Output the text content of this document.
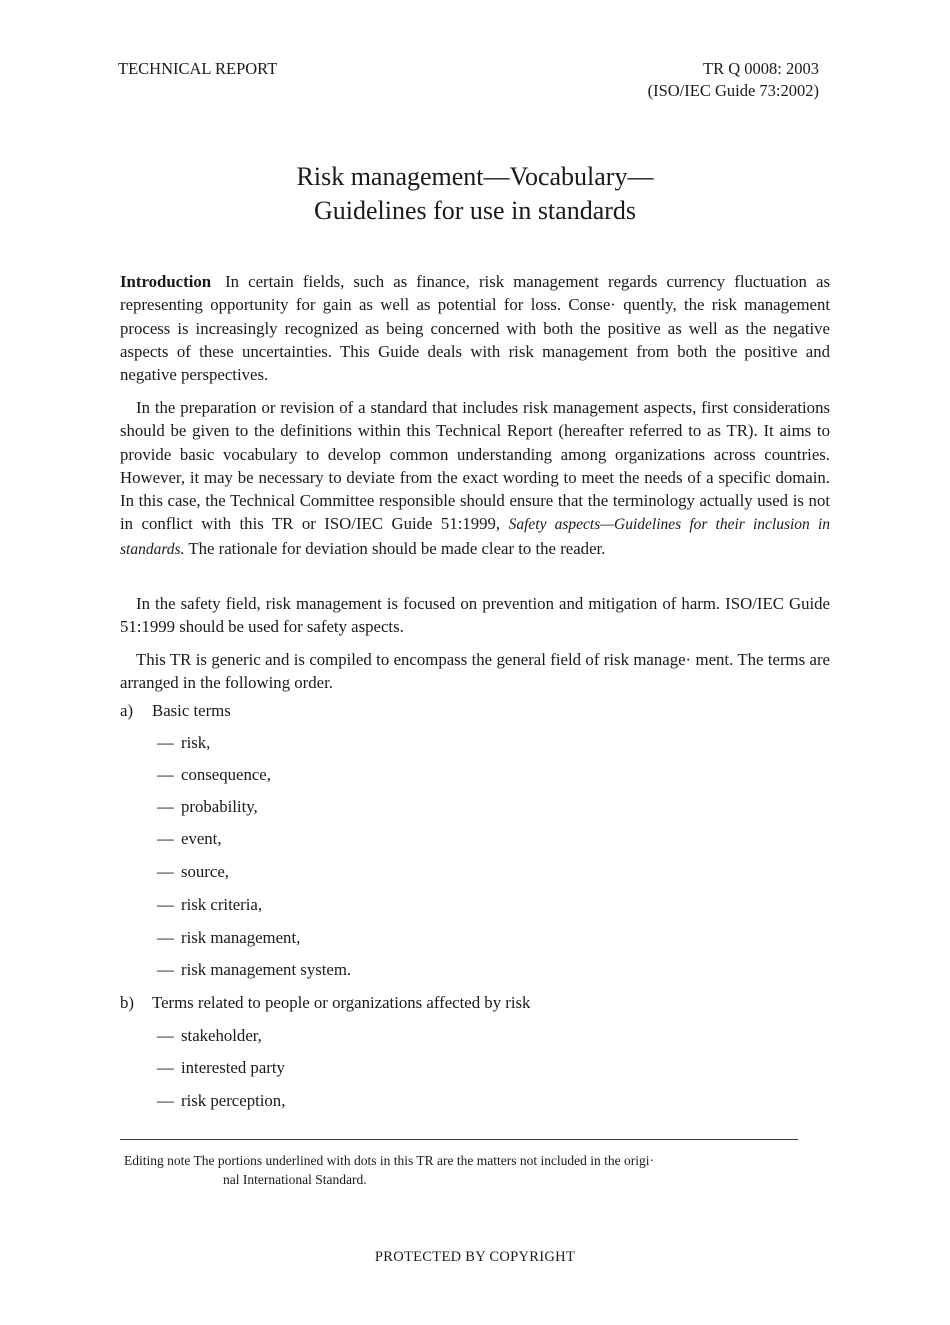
TECHNICAL REPORT	TR Q 0008: 2003
(ISO/IEC Guide 73:2002)
Risk management—Vocabulary—
Guidelines for use in standards

Introduction In certain fields, such as finance, risk management regards currency fluctuation as representing opportunity for gain as well as potential for loss. Conse· quently, the risk management process is increasingly recognized as being concerned with both the positive as well as the negative aspects of these uncertainties. This Guide deals with risk management from both the positive and negative perspectives.

In the preparation or revision of a standard that includes risk management aspects, first considerations should be given to the definitions within this Technical Report (hereafter referred to as TR). It aims to provide basic vocabulary to develop common understanding among organizations across countries. However, it may be necessary to deviate from the exact wording to meet the needs of a specific domain. In this case, the Technical Committee responsible should ensure that the terminology actually used is not in conflict with this TR or ISO/IEC Guide 51:1999, Safety aspects—Guidelines for their inclusion in standards. The rationale for deviation should be made clear to the reader.

In the safety field, risk management is focused on prevention and mitigation of harm. ISO/IEC Guide 51:1999 should be used for safety aspects.

This TR is generic and is compiled to encompass the general field of risk manage· ment. The terms are arranged in the following order.

a) Basic terms
— risk,
— consequence,
— probability,
— event,
— source,
— risk criteria,
— risk management,
— risk management system.
b) Terms related to people or organizations affected by risk
— stakeholder,
— interested party
— risk perception,
Editing note The portions underlined with dots in this TR are the matters not included in the origi·
nal International Standard.
PROTECTED BY COPYRIGHT
